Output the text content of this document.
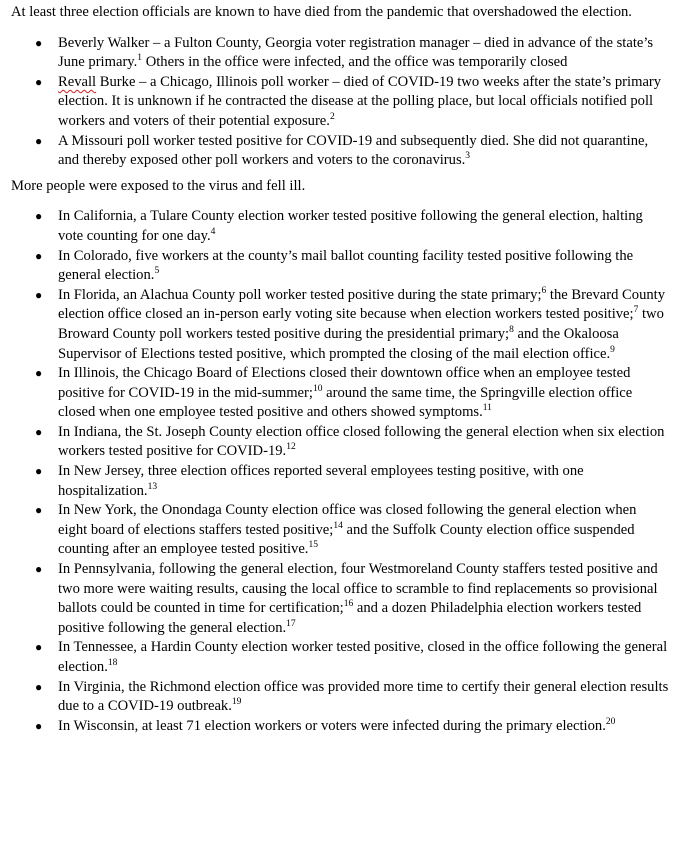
At least three election officials are known to have died from the pandemic that overshadowed the election.

● Beverly Walker – a Fulton County, Georgia voter registration manager – died in advance of the state’s June primary.$^1$ Others in the office were infected, and the office was temporarily closed
● Revall Burke – a Chicago, Illinois poll worker – died of COVID-19 two weeks after the state’s primary election. It is unknown if he contracted the disease at the polling place, but local officials notified poll workers and voters of their potential exposure.$^2$
● A Missouri poll worker tested positive for COVID-19 and subsequently died. She did not quarantine, and thereby exposed other poll workers and voters to the coronavirus.$^3$

More people were exposed to the virus and fell ill.

● In California, a Tulare County election worker tested positive following the general election, halting vote counting for one day.$^4$
● In Colorado, five workers at the county’s mail ballot counting facility tested positive following the general election.$^5$
● In Florida, an Alachua County poll worker tested positive during the state primary;$^6$ the Brevard County election office closed an in-person early voting site because when election workers tested positive;$^7$ two Broward County poll workers tested positive during the presidential primary;$^8$ and the Okaloosa Supervisor of Elections tested positive, which prompted the closing of the mail election office.$^9$
● In Illinois, the Chicago Board of Elections closed their downtown office when an employee tested positive for COVID-19 in the mid-summer;$^{10}$ around the same time, the Springville election office closed when one employee tested positive and others showed symptoms.$^{11}$
● In Indiana, the St. Joseph County election office closed following the general election when six election workers tested positive for COVID-19.12
● In New Jersey, three election offices reported several employees testing positive, with one hospitalization.$^{13}$
● In New York, the Onondaga County election office was closed following the general election when eight board of elections staffers tested positive;$^{14}$ and the Suffolk County election office suspended counting after an employee tested positive.$^{15}$
● In Pennsylvania, following the general election, four Westmoreland County staffers tested positive and two more were waiting results, causing the local office to scramble to find replacements so provisional ballots could be counted in time for certification;$^{16}$ and a dozen Philadelphia election workers tested positive following the general election.$^{17}$
● In Tennessee, a Hardin County election worker tested positive, closed in the office following the general election.$^{18}$
● In Virginia, the Richmond election office was provided more time to certify their general election results due to a COVID-19 outbreak.$^{19}$
● In Wisconsin, at least 71 election workers or voters were infected during the primary election.$^{20}$
